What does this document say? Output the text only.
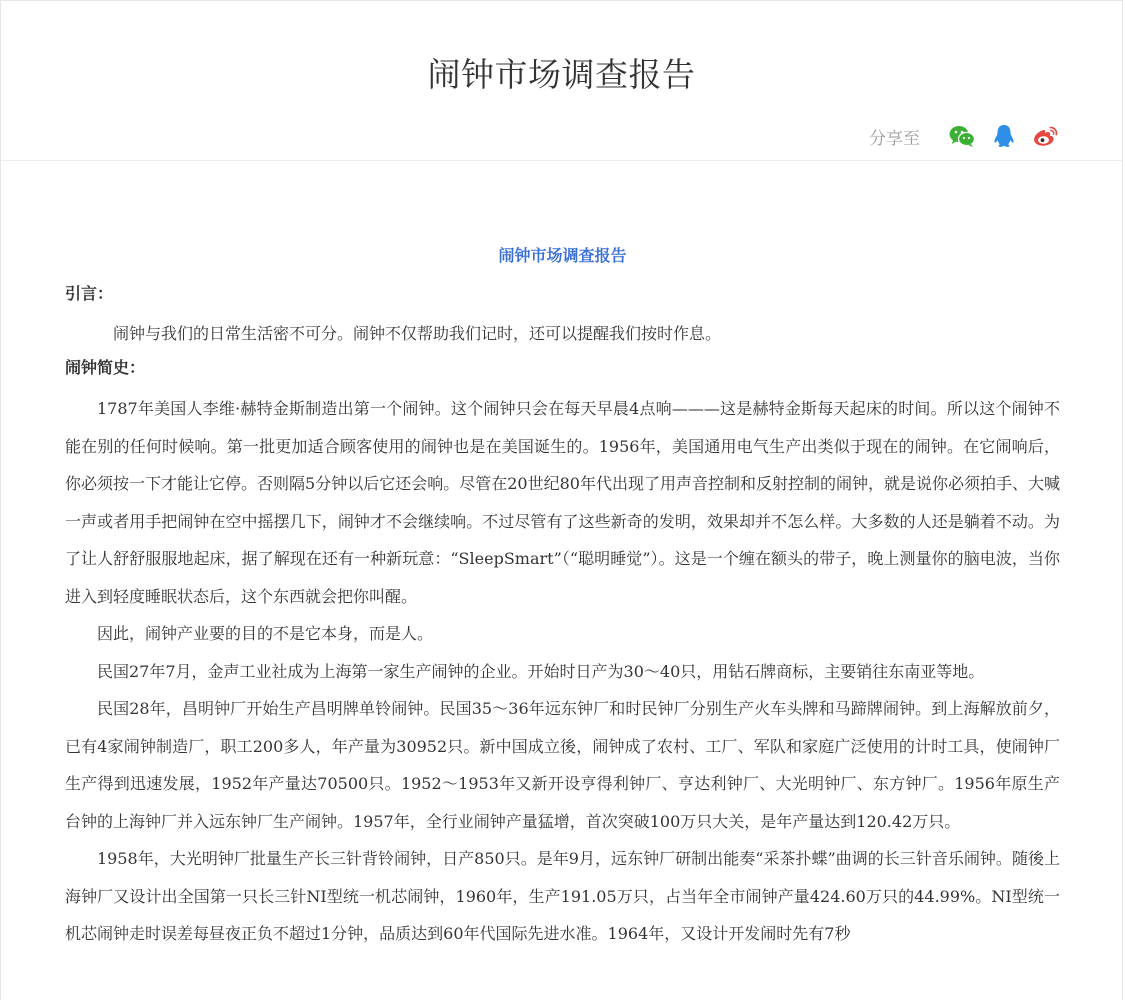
闹钟市场调查报告
分享至
闹钟市场调查报告
引言：

闹钟与我们的日常生活密不可分。闹钟不仅帮助我们记时，还可以提醒我们按时作息。

闹钟简史：

1787年美国人李维·赫特金斯制造出第一个闹钟。这个闹钟只会在每天早晨4点响———这是赫特金斯每天起床的时间。所以这个闹钟不能在别的任何时候响。第一批更加适合顾客使用的闹钟也是在美国诞生的。1956年，美国通用电气生产出类似于现在的闹钟。在它闹响后，你必须按一下才能让它停。否则隔5分钟以后它还会响。尽管在20世纪80年代出现了用声音控制和反射控制的闹钟，就是说你必须拍手、大喊一声或者用手把闹钟在空中摇摆几下，闹钟才不会继续响。不过尽管有了这些新奇的发明，效果却并不怎么样。大多数的人还是躺着不动。为了让人舒舒服服地起床，据了解现在还有一种新玩意：“SleepSmart”（“聪明睡觉”）。这是一个缠在额头的带子，晚上测量你的脑电波，当你进入到轻度睡眠状态后，这个东西就会把你叫醒。

因此，闹钟产业要的目的不是它本身，而是人。

民国27年7月，金声工业社成为上海第一家生产闹钟的企业。开始时日产为30～40只，用钻石牌商标，主要销往东南亚等地。

民国28年，昌明钟厂开始生产昌明牌单铃闹钟。民国35～36年远东钟厂和时民钟厂分别生产火车头牌和马蹄牌闹钟。到上海解放前夕，已有4家闹钟制造厂，职工200多人，年产量为30952只。新中国成立後，闹钟成了农村、工厂、军队和家庭广泛使用的计时工具，使闹钟厂生产得到迅速发展，1952年产量达70500只。1952～1953年又新开设亨得利钟厂、亨达利钟厂、大光明钟厂、东方钟厂。1956年原生产台钟的上海钟厂并入远东钟厂生产闹钟。1957年，全行业闹钟产量猛增，首次突破100万只大关，是年产量达到120.42万只。

1958年，大光明钟厂批量生产长三针背铃闹钟，日产850只。是年9月，远东钟厂研制出能奏“采茶扑蝶”曲调的长三针音乐闹钟。随後上海钟厂又设计出全国第一只长三针NI型统一机芯闹钟，1960年，生产191.05万只，占当年全市闹钟产量424.60万只的44.99%。NI型统一机芯闹钟走时误差每昼夜正负不超过1分钟，品质达到60年代国际先进水准。1964年，又设计开发闹时先有7秒
